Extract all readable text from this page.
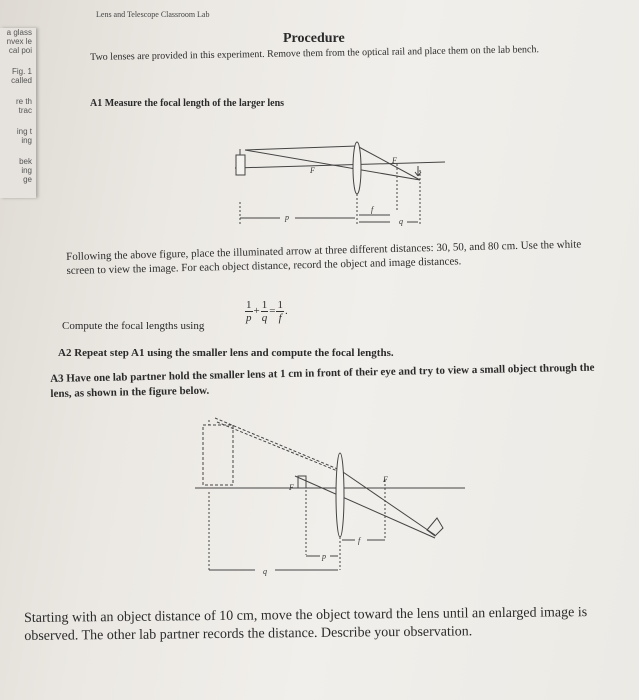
a glass
nvex le
cal poi
Fig. 1
called
re th
trac
ing t
ing
bek
ing
ge
Lens and Telescope Classroom Lab
Procedure
Two lenses are provided in this experiment. Remove them from the optical rail and place them on the lab bench.
A1 Measure the focal length of the larger lens
F
F
p
f
q
Following the above figure, place the illuminated arrow at three different distances: 30, 50, and 80 cm. Use the white screen to view the image. For each object distance, record the object and image distances.
Compute the focal lengths using
$\frac{1}{p} + \frac{1}{q} = \frac{1}{f}$ .
A2 Repeat step A1 using the smaller lens and compute the focal lengths.
A3 Have one lab partner hold the smaller lens at 1 cm in front of their eye and try to view a small object through the lens, as shown in the figure below.
F
F
p
f
q
Starting with an object distance of 10 cm, move the object toward the lens until an enlarged image is observed. The other lab partner records the distance. Describe your observation.
